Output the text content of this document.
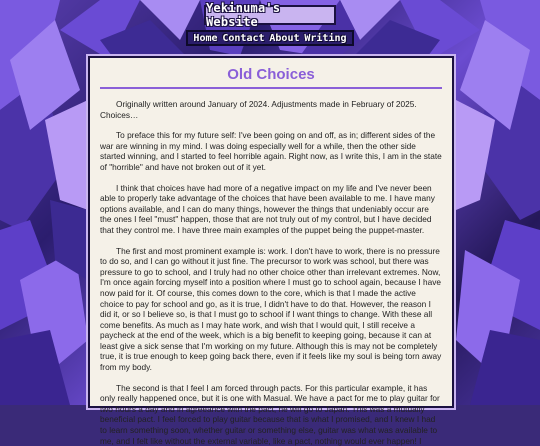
Yekinuma's Website
Home Contact About Writing
Old Choices

Originally written around January of 2024. Adjustments made in February of 2025. Choices…

To preface this for my future self: I've been going on and off, as in; different sides of the war are winning in my mind. I was doing especially well for a while, then the other side started winning, and I started to feel horrible again. Right now, as I write this, I am in the state of "horrible" and have not broken out of it yet.

I think that choices have had more of a negative impact on my life and I've never been able to properly take advantage of the choices that have been available to me. I have many options available, and I can do many things, however the things that undeniably occur are the ones I feel "must" happen, those that are not truly out of my control, but I have decided that they control me. I have three main examples of the puppet being the puppet-master.

The first and most prominent example is: work. I don't have to work, there is no pressure to do so, and I can go without it just fine. The precursor to work was school, but there was pressure to go to school, and I truly had no other choice other than irrelevant extremes. Now, I'm once again forcing myself into a position where I must go to school again, because I have now paid for it. Of course, this comes down to the core, which is that I made the active choice to pay for school and go, as it is true, I didn't have to do that. However, the reason I did it, or so I believe so, is that I must go to school if I want things to change. With these all come benefits. As much as I may hate work, and wish that I would quit, I still receive a paycheck at the end of the week, which is a big benefit to keeping going, because it can at least give a sick sense that I'm working on my future. Although this is may not be completely true, it is true enough to keep going back there, even if it feels like my soul is being torn away from my body.

The second is that I feel I am forced through pacts. For this particular example, it has only really happened once, but it is one with Masual. We have a pact for me to play guitar for two hours a day and in agreeance with the pact, he will go to Japan. This was a mutually beneficial pact. I feel forced to play guitar because that is what I promised, and I knew I had to learn something soon, whether guitar or something else, guitar was what was available to me, and I felt like without the external variable, like a pact, nothing would ever happen! I
